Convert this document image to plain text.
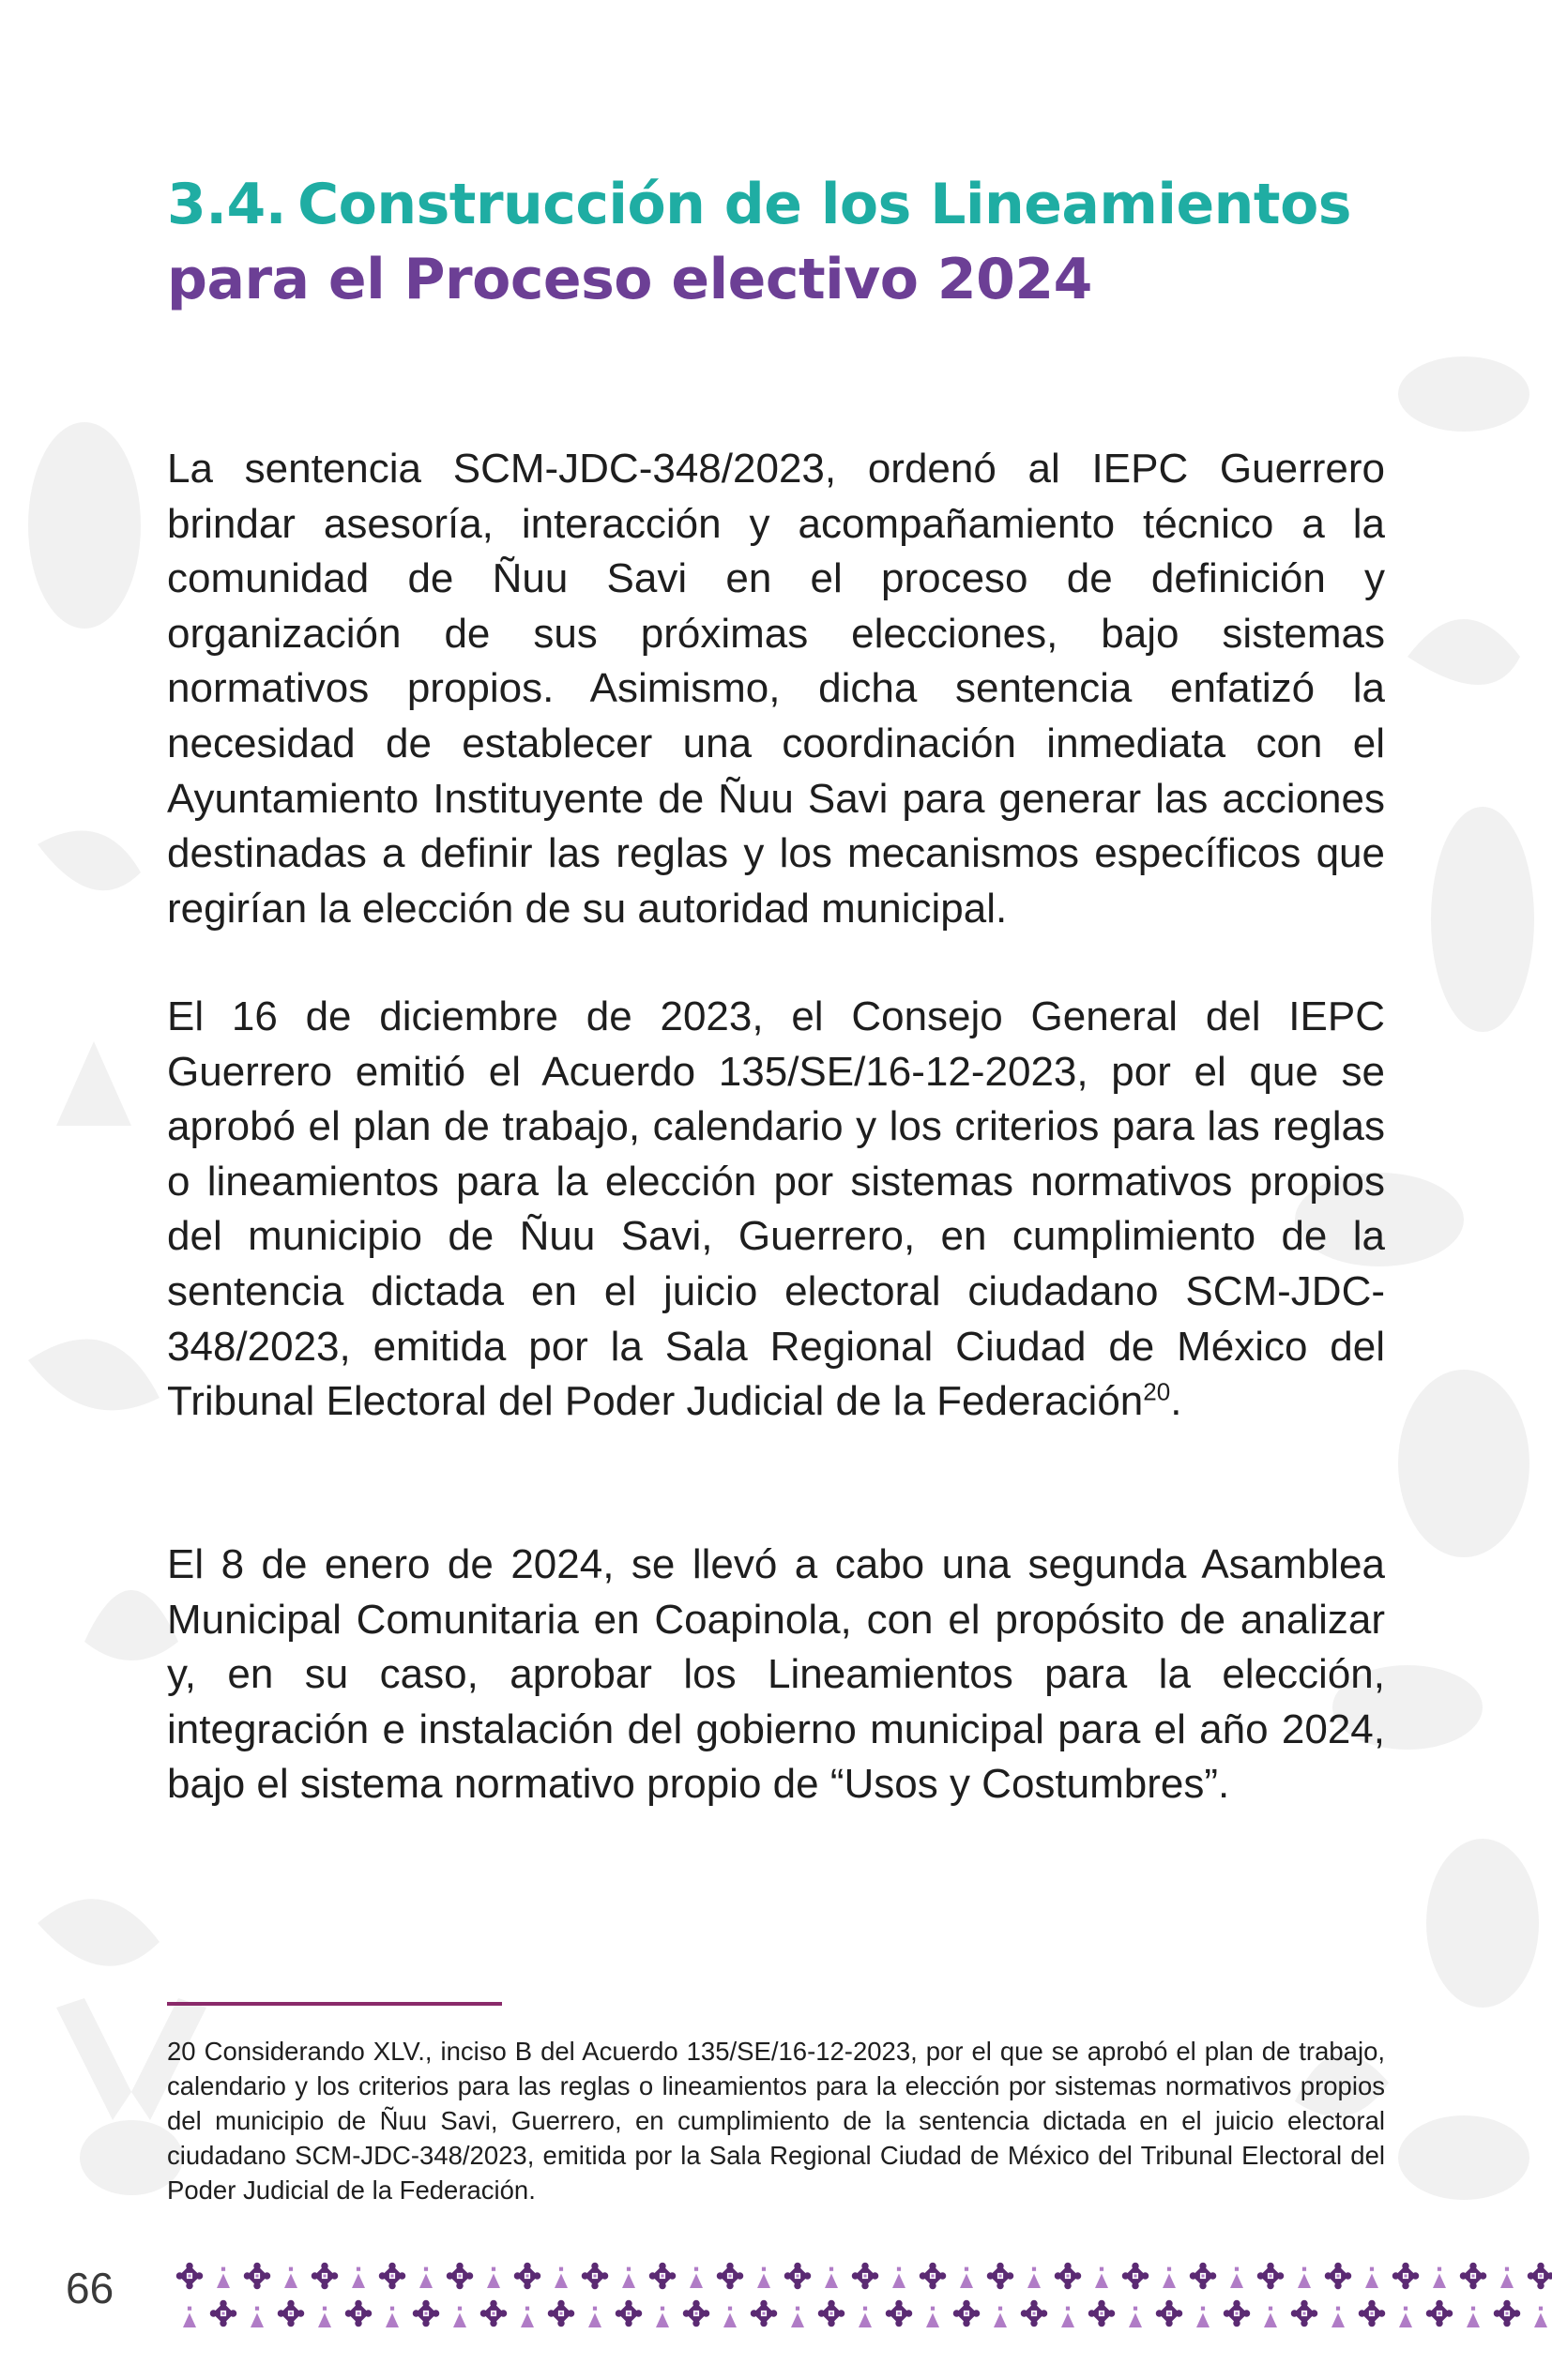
3.4. Construcción de los Lineamientos para el Proceso electivo 2024

La sentencia SCM-JDC-348/2023, ordenó al IEPC Guerrero brindar asesoría, interacción y acompañamiento técnico a la comunidad de Ñuu Savi en el proceso de definición y organización de sus próximas elecciones, bajo sistemas normativos propios. Asimismo, dicha sentencia enfatizó la necesidad de establecer una coordinación inmediata con el Ayuntamiento Instituyente de Ñuu Savi para generar las acciones destinadas a definir las reglas y los mecanismos específicos que regirían la elección de su autoridad municipal.

El 16 de diciembre de 2023, el Consejo General del IEPC Guerrero emitió el Acuerdo 135/SE/16-12-2023, por el que se aprobó el plan de trabajo, calendario y los criterios para las reglas o lineamientos para la elección por sistemas normativos propios del municipio de Ñuu Savi, Guerrero, en cumplimiento de la sentencia dictada en el juicio electoral ciudadano SCM-JDC-348/2023, emitida por la Sala Regional Ciudad de México del Tribunal Electoral del Poder Judicial de la Federación$^{20}$.

El 8 de enero de 2024, se llevó a cabo una segunda Asamblea Municipal Comunitaria en Coapinola, con el propósito de analizar y, en su caso, aprobar los Lineamientos para la elección, integración e instalación del gobierno municipal para el año 2024, bajo el sistema normativo propio de “Usos y Costumbres”.

20 Considerando XLV., inciso B del Acuerdo 135/SE/16-12-2023, por el que se aprobó el plan de trabajo, calendario y los criterios para las reglas o lineamientos para la elección por sistemas normativos propios del municipio de Ñuu Savi, Guerrero, en cumplimiento de la sentencia dictada en el juicio electoral ciudadano SCM-JDC-348/2023, emitida por la Sala Regional Ciudad de México del Tribunal Electoral del Poder Judicial de la Federación.

66
